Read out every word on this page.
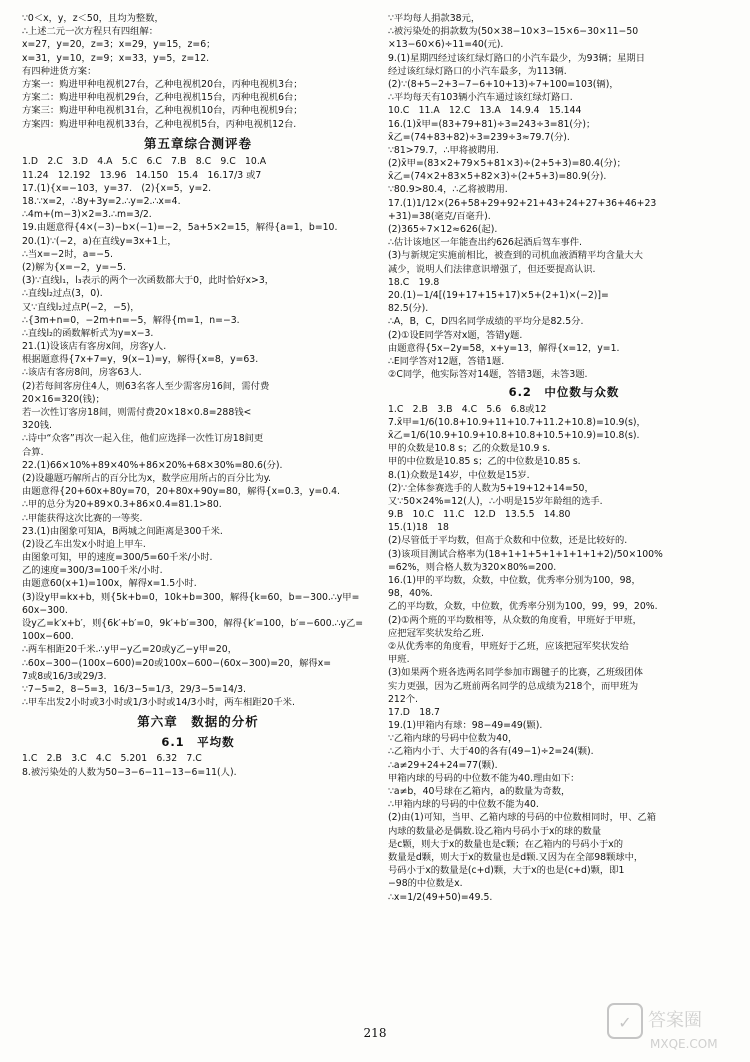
∵0＜x，y，z＜50，且均为整数，

∴上述二元一次方程只有四组解：

x=27，y=20，z=3；x=29，y=15，z=6；

x=31，y=10，z=9；x=33，y=5，z=12.

有四种进货方案：

方案一：购进甲种电视机27台，乙种电视机20台，丙种电视机3台；

方案二：购进甲种电视机29台，乙种电视机15台，丙种电视机6台；

方案三：购进甲种电视机31台，乙种电视机10台，丙种电视机9台；

方案四：购进甲种电视机33台，乙种电视机5台，丙种电视机12台.

第五章综合测评卷

1.D　2.C　3.D　4.A　5.C　6.C　7.B　8.C　9.C　10.A

11.24　12.192　13.96　14.150　15.4　16.17/3 或7

17.(1){x=−103，y=37.　(2){x=5，y=2.

18.∵x=2，∴8y+3y=2.∴y=2.∴x=4.

∴4m+(m−3)×2=3.∴m=3/2.

19.由题意得{4×(−3)−b×(−1)=−2，5a+5×2=15，解得{a=1，b=10.

20.(1)∵(−2，a)在直线y=3x+1上，

∴当x=−2时，a=−5.

(2)解为{x=−2，y=−5.

(3)∵直线l₁，l₃表示的两个一次函数都大于0，此时恰好x>3，

∴直线l₂过点(3，0).

又∵直线l₂过点P(−2，−5)，

∴{3m+n=0，−2m+n=−5，解得{m=1，n=−3.

∴直线l₂的函数解析式为y=x−3.

21.(1)设该店有客房x间，房客y人.

根据题意得{7x+7=y，9(x−1)=y，解得{x=8，y=63.

∴该店有客房8间，房客63人.

(2)若每间客房住4人，则63名客人至少需客房16间，需付费

20×16=320(钱)；

若一次性订客房18间，则需付费20×18×0.8=288钱<

320钱.

∴诗中“众客”再次一起入住，他们应选择一次性订房18间更

合算.

22.(1)66×10%+89×40%+86×20%+68×30%=80.6(分).

(2)设趣题巧解所占的百分比为x，数学应用所占的百分比为y.

由题意得{20+60x+80y=70，20+80x+90y=80，解得{x=0.3，y=0.4.

∴甲的总分为20+89×0.3+86×0.4=81.1>80.

∴甲能获得这次比赛的一等奖.

23.(1)由图象可知A，B两城之间距离是300千米.

(2)设乙车出发x小时追上甲车.

由图象可知，甲的速度=300/5=60千米/小时.

乙的速度=300/3=100千米/小时.

由题意60(x+1)=100x，解得x=1.5小时.

(3)设y甲=kx+b，则{5k+b=0，10k+b=300，解得{k=60，b=−300.∴y甲=

60x−300.

设y乙=k′x+b′，则{6k′+b′=0，9k′+b′=300，解得{k′=100，b′=−600.∴y乙=

100x−600.

∴两车相距20千米.∴y甲−y乙=20或y乙−y甲=20，

∴60x−300−(100x−600)=20或100x−600−(60x−300)=20，解得x=

7或8或16/3或29/3.

∵7−5=2，8−5=3，16/3−5=1/3，29/3−5=14/3.

∴甲车出发2小时或3小时或1/3小时或14/3小时，两车相距20千米.

第六章　数据的分析

6.1　平均数

1.C　2.B　3.C　4.C　5.201　6.32　7.C

8.被污染处的人数为50−3−6−11−13−6=11(人).

∵平均每人捐款38元，

∴被污染处的捐款数为(50×38−10×3−15×6−30×11−50

×13−60×6)÷11=40(元).

9.(1)星期四经过该红绿灯路口的小汽车最少，为93辆；星期日

经过该红绿灯路口的小汽车最多，为113辆.

(2)∵(8+5−2+3−7−6+10+13)÷7+100=103(辆)，

∴平均每天有103辆小汽车通过该红绿灯路口.

10.C　11.A　12.C　13.A　14.9.4　15.144

16.(1)x̄甲=(83+79+81)÷3=243÷3=81(分)；

x̄乙=(74+83+82)÷3=239÷3≈79.7(分).

∵81>79.7，∴甲将被聘用.

(2)x̄甲=(83×2+79×5+81×3)÷(2+5+3)=80.4(分)；

x̄乙=(74×2+83×5+82×3)÷(2+5+3)=80.9(分).

∵80.9>80.4，∴乙将被聘用.

17.(1)1/12×(26+58+29+92+21+43+24+27+36+46+23

+31)=38(毫克/百毫升).

(2)365÷7×12≈626(起).

∴估计该地区一年能查出约626起酒后驾车事件.

(3)与新规定实施前相比，被查到的司机血液酒精平均含量大大

减少，说明人们法律意识增强了，但还要提高认识.

18.C　19.8

20.(1)−1/4[(19+17+15+17)×5+(2+1)×(−2)]=

82.5(分).

∴A，B，C，D四名同学成绩的平均分是82.5分.

(2)①设E同学答对x题，答错y题.

由题意得{5x−2y=58，x+y=13，解得{x=12，y=1.

∴E同学答对12题，答错1题.

②C同学，他实际答对14题，答错3题，未答3题.

6.2　中位数与众数

1.C　2.B　3.B　4.C　5.6　6.8或12

7.x̄甲=1/6(10.8+10.9+11+10.7+11.2+10.8)=10.9(s)，

x̄乙=1/6(10.9+10.9+10.8+10.8+10.5+10.9)=10.8(s).

甲的众数是10.8 s；乙的众数是10.9 s.

甲的中位数是10.85 s；乙的中位数是10.85 s.

8.(1)众数是14岁，中位数是15岁.

(2)∵全体参赛选手的人数为5+19+12+14=50，

又∵50×24%=12(人)，∴小明是15岁年龄组的选手.

9.B　10.C　11.C　12.D　13.5.5　14.80

15.(1)18　18

(2)尽管低于平均数，但高于众数和中位数，还是比较好的.

(3)该项目测试合格率为(18+1+1+5+1+1+1+1+2)/50×100%

=62%，则合格人数为320×80%=200.

16.(1)甲的平均数，众数，中位数，优秀率分别为100，98，

98，40%.

乙的平均数，众数，中位数，优秀率分别为100，99，99，20%.

(2)①两个班的平均数相等，从众数的角度看，甲班好于甲班，

应把冠军奖状发给乙班.

②从优秀率的角度看，甲班好于乙班，应该把冠军奖状发给

甲班.

(3)如果两个班各选两名同学参加市踢毽子的比赛，乙班级团体

实力更强，因为乙班前两名同学的总成绩为218个，而甲班为

212个.

17.D　18.7

19.(1)甲箱内有球：98−49=49(颗).

∵乙箱内球的号码中位数为40，

∴乙箱内小于、大于40的各有(49−1)÷2=24(颗).

∴a≠29+24+24=77(颗).

甲箱内球的号码的中位数不能为40.理由如下：

∵a≠b，40号球在乙箱内，a的数量为奇数，

∴甲箱内球的号码的中位数不能为40.

(2)由(1)可知，当甲、乙箱内球的号码的中位数相同时，甲、乙箱

内球的数量必是偶数.设乙箱内号码小于x的球的数量

是c颗，则大于x的数量也是c颗；在乙箱内的号码小于x的

数量是d颗，则大于x的数量也是d颗.又因为在全部98颗球中，

号码小于x的数量是(c+d)颗，大于x的也是(c+d)颗，即1

−98的中位数是x.

∴x=1/2(49+50)=49.5.

218
✓ 答案圈
MXQE.COM
